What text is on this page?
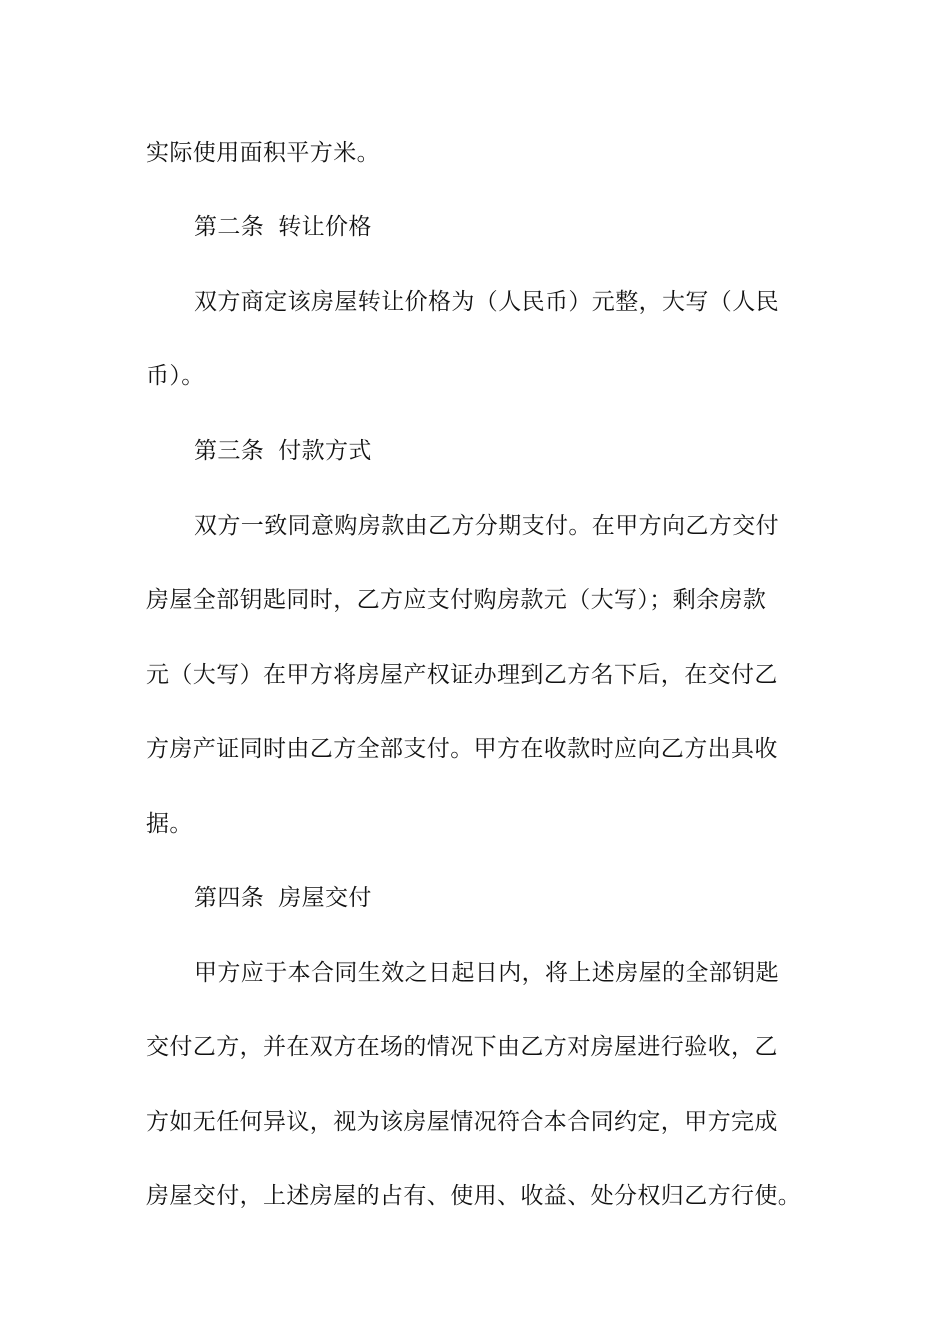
实际使用面积平方米。
第二条 转让价格
双方商定该房屋转让价格为（人民币）元整，大写（人民
币）。
第三条 付款方式
双方一致同意购房款由乙方分期支付。在甲方向乙方交付
房屋全部钥匙同时，乙方应支付购房款元（大写）；剩余房款
元（大写）在甲方将房屋产权证办理到乙方名下后，在交付乙
方房产证同时由乙方全部支付。甲方在收款时应向乙方出具收
据。
第四条 房屋交付
甲方应于本合同生效之日起日内，将上述房屋的全部钥匙
交付乙方，并在双方在场的情况下由乙方对房屋进行验收，乙
方如无任何异议，视为该房屋情况符合本合同约定，甲方完成
房屋交付，上述房屋的占有、使用、收益、处分权归乙方行使。
